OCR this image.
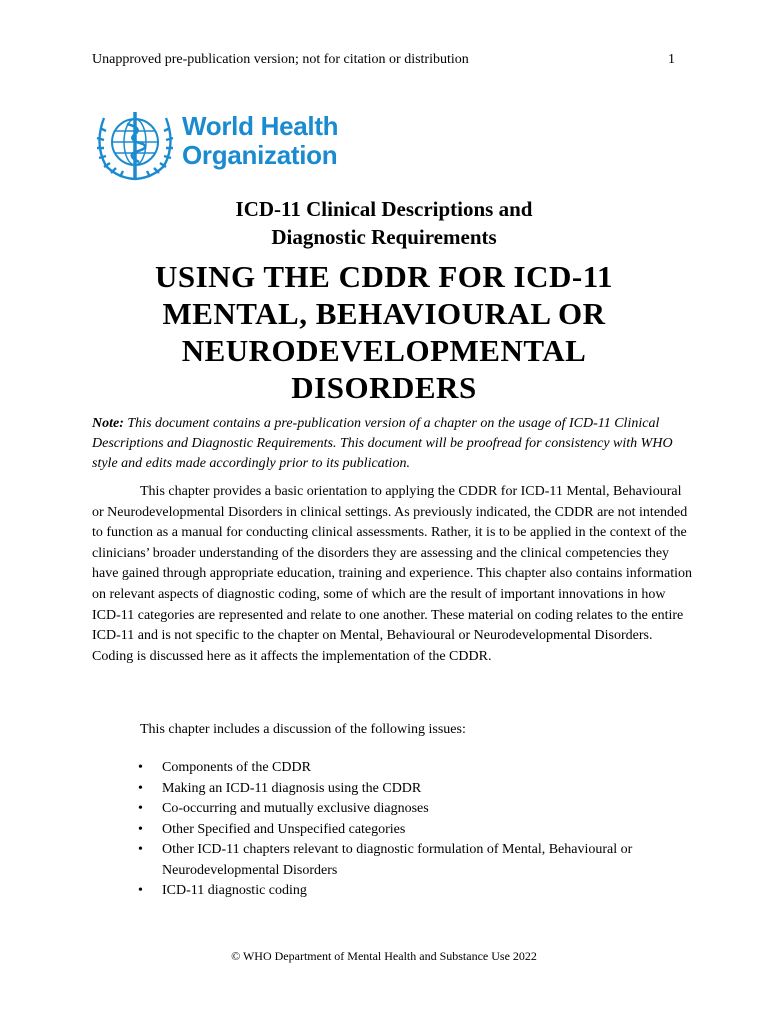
Unapproved pre-publication version; not for citation or distribution	1
World Health
Organization
ICD-11 Clinical Descriptions and
Diagnostic Requirements
USING THE CDDR FOR ICD-11
MENTAL, BEHAVIOURAL OR
NEURODEVELOPMENTAL
DISORDERS
Note: This document contains a pre-publication version of a chapter on the usage of ICD-11 Clinical Descriptions and Diagnostic Requirements. This document will be proofread for consistency with WHO style and edits made accordingly prior to its publication.
This chapter provides a basic orientation to applying the CDDR for ICD-11 Mental, Behavioural or Neurodevelopmental Disorders in clinical settings. As previously indicated, the CDDR are not intended to function as a manual for conducting clinical assessments. Rather, it is to be applied in the context of the clinicians’ broader understanding of the disorders they are assessing and the clinical competencies they have gained through appropriate education, training and experience. This chapter also contains information on relevant aspects of diagnostic coding, some of which are the result of important innovations in how ICD-11 categories are represented and relate to one another. These material on coding relates to the entire ICD-11 and is not specific to the chapter on Mental, Behavioural or Neurodevelopmental Disorders. Coding is discussed here as it affects the implementation of the CDDR.
This chapter includes a discussion of the following issues:
• Components of the CDDR
• Making an ICD-11 diagnosis using the CDDR
• Co-occurring and mutually exclusive diagnoses
• Other Specified and Unspecified categories
• Other ICD-11 chapters relevant to diagnostic formulation of Mental, Behavioural or Neurodevelopmental Disorders
• ICD-11 diagnostic coding
© WHO Department of Mental Health and Substance Use 2022
